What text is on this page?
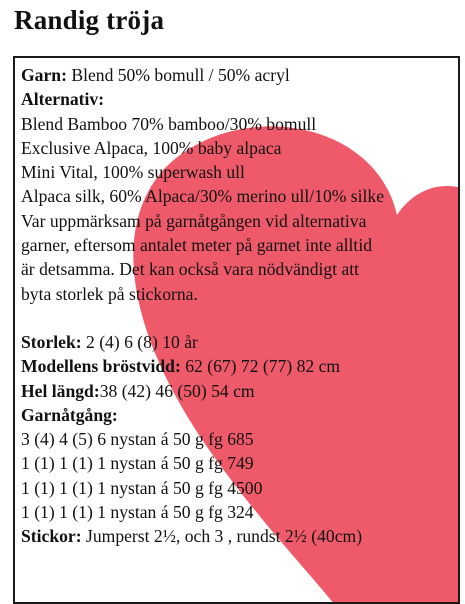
Randig tröja

Garn: Blend 50% bomull / 50% acryl

Alternativ:

Blend Bamboo 70% bamboo/30% bomull

Exclusive Alpaca, 100% baby alpaca

Mini Vital, 100% superwash ull

Alpaca silk, 60% Alpaca/30% merino ull/10% silke

Var uppmärksam på garnåtgången vid alternativa

garner, eftersom antalet meter på garnet inte alltid

är detsamma. Det kan också vara nödvändigt att

byta storlek på stickorna.

Storlek: 2 (4) 6 (8) 10 år

Modellens bröstvidd: 62 (67) 72 (77) 82 cm

Hel längd:38 (42) 46 (50) 54 cm

Garnåtgång:

3 (4) 4 (5) 6 nystan á 50 g fg 685

1 (1) 1 (1) 1 nystan á 50 g fg 749

1 (1) 1 (1) 1 nystan á 50 g fg 4500

1 (1) 1 (1) 1 nystan á 50 g fg 324

Stickor: Jumperst 2½, och 3 , rundst 2½ (40cm)
